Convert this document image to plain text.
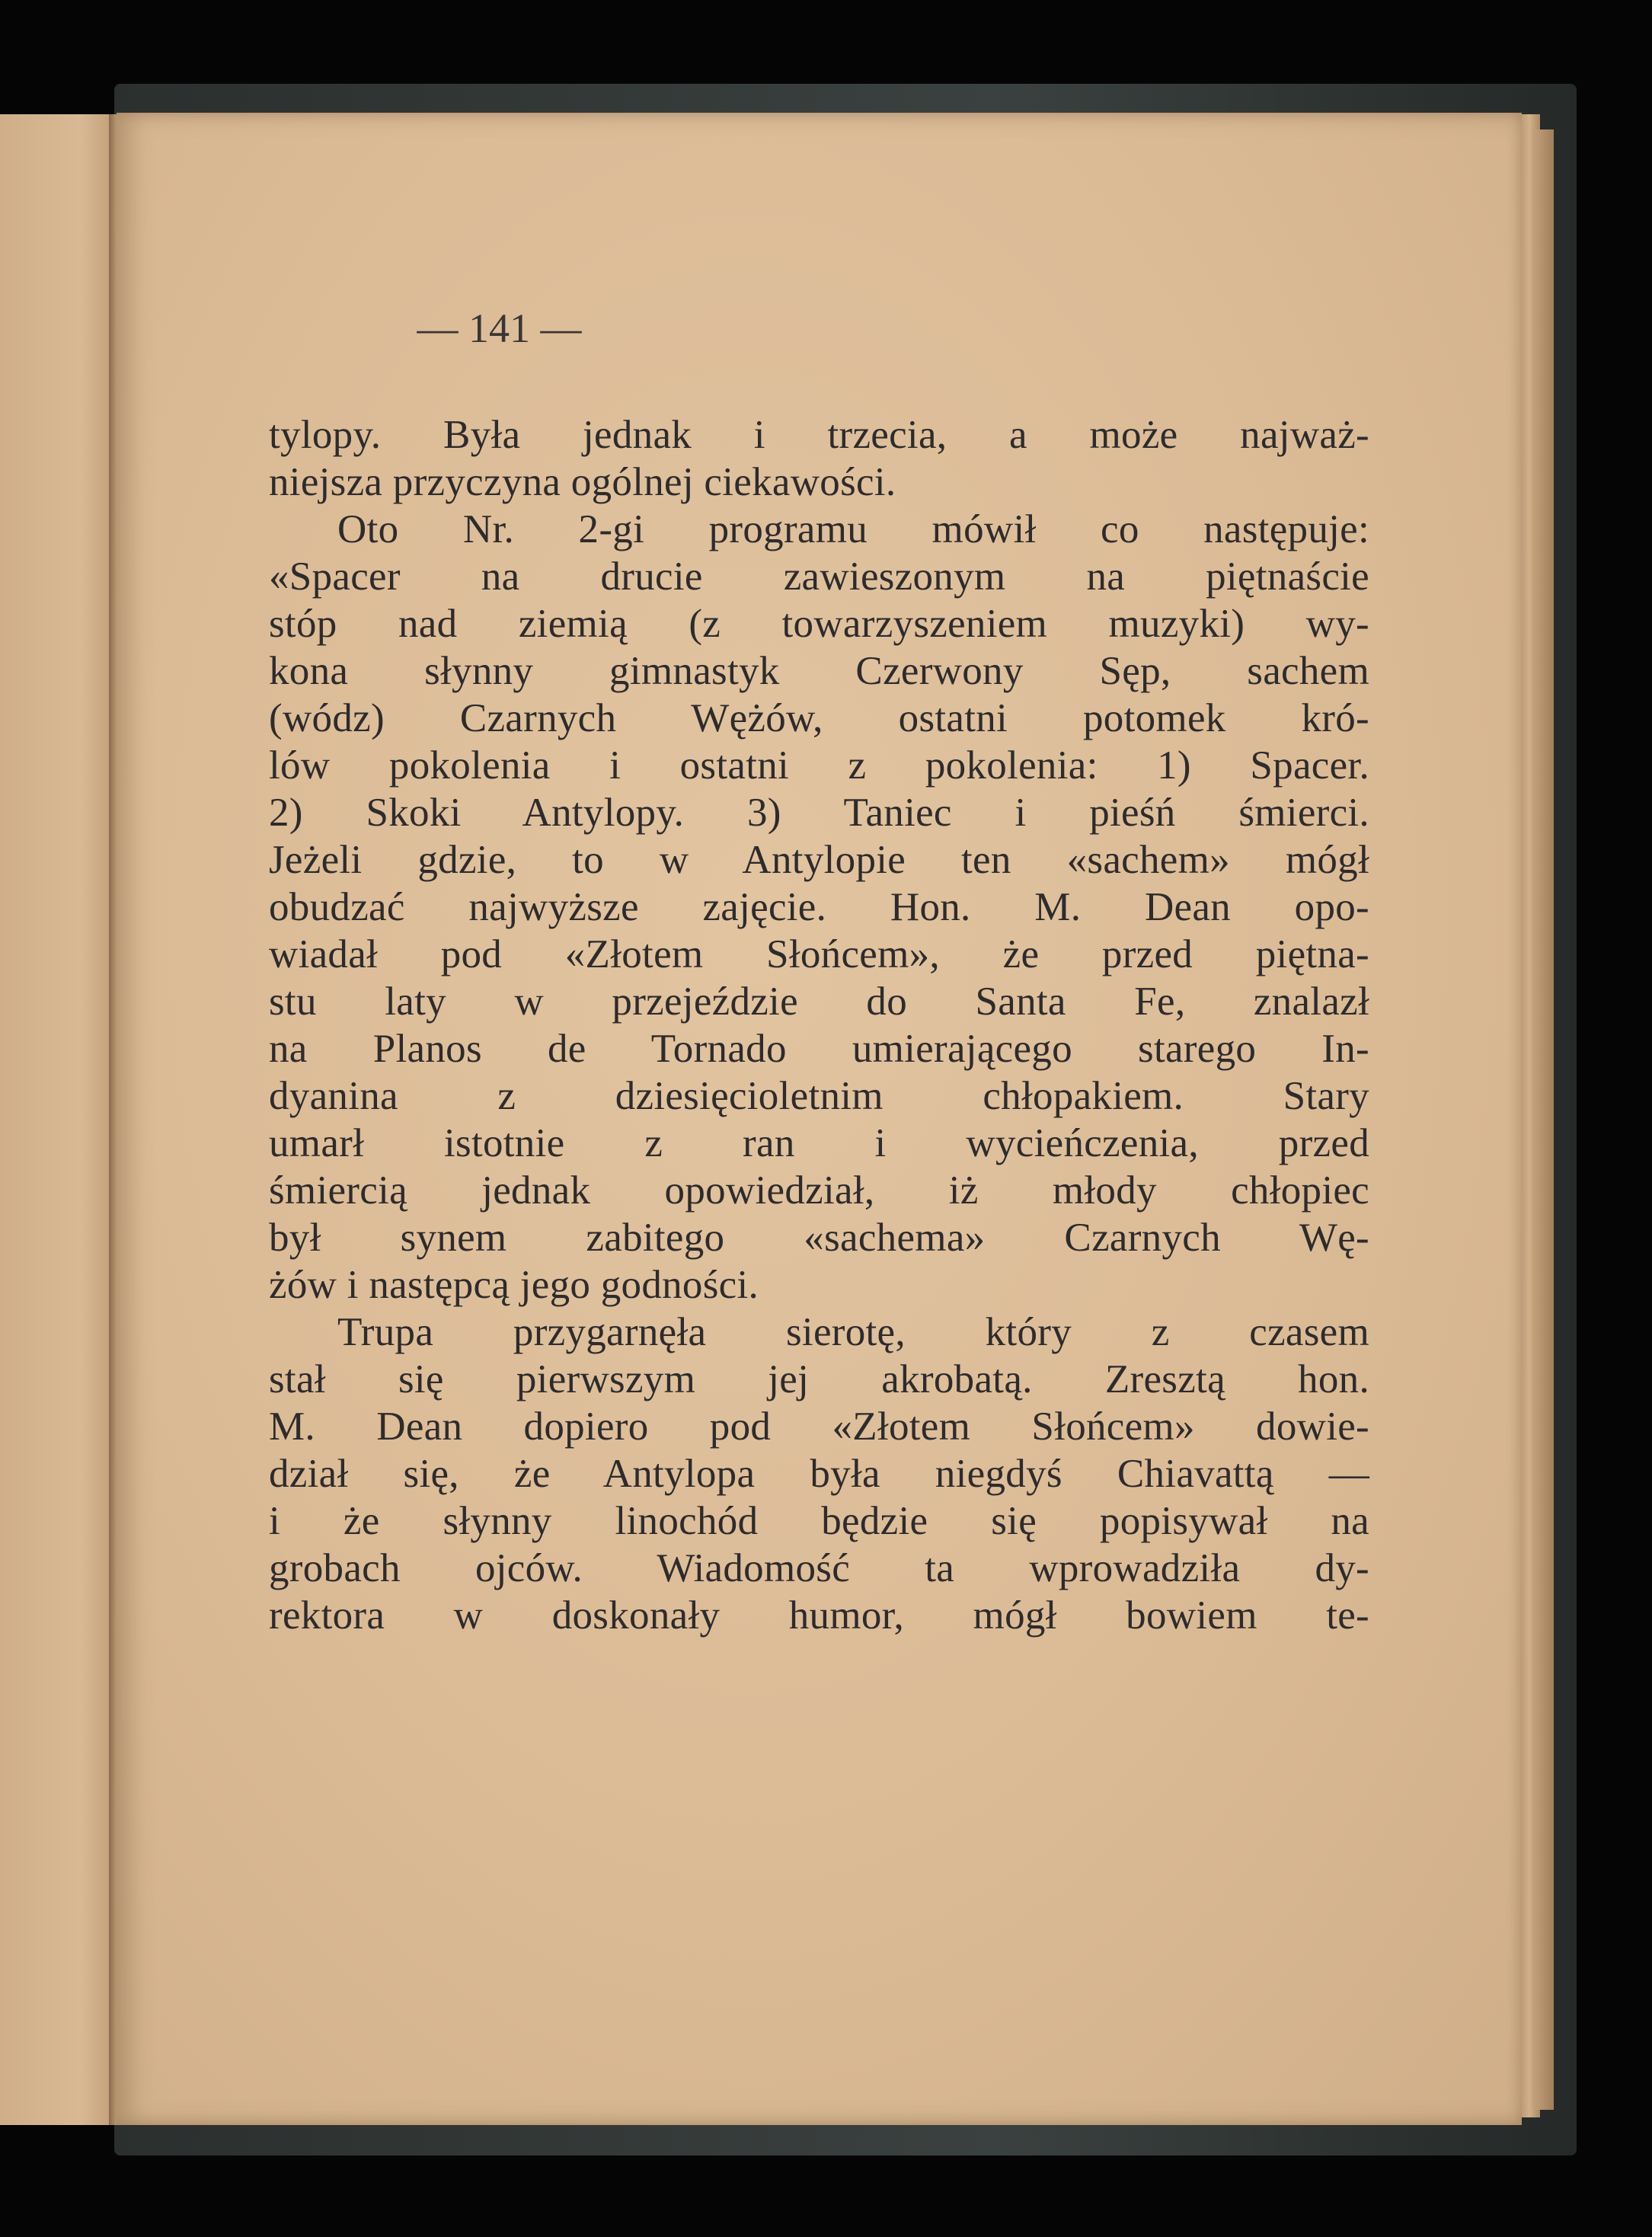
— 141 —
tylopy. Była jednak i trzecia, a może najważ-
niejsza przyczyna ogólnej ciekawości.
Oto Nr. 2-gi programu mówił co następuje:
«Spacer na drucie zawieszonym na piętnaście
stóp nad ziemią (z towarzyszeniem muzyki) wy-
kona słynny gimnastyk Czerwony Sęp, sachem
(wódz) Czarnych Wężów, ostatni potomek kró-
lów pokolenia i ostatni z pokolenia: 1) Spacer.
2) Skoki Antylopy. 3) Taniec i pieśń śmierci.
Jeżeli gdzie, to w Antylopie ten «sachem» mógł
obudzać najwyższe zajęcie. Hon. M. Dean opo-
wiadał pod «Złotem Słońcem», że przed piętna-
stu laty w przejeździe do Santa Fe, znalazł
na Planos de Tornado umierającego starego In-
dyanina z dziesięcioletnim chłopakiem. Stary
umarł istotnie z ran i wycieńczenia, przed
śmiercią jednak opowiedział, iż młody chłopiec
był synem zabitego «sachema» Czarnych Wę-
żów i następcą jego godności.
Trupa przygarnęła sierotę, który z czasem
stał się pierwszym jej akrobatą. Zresztą hon.
M. Dean dopiero pod «Złotem Słońcem» dowie-
dział się, że Antylopa była niegdyś Chiavattą —
i że słynny linochód będzie się popisywał na
grobach ojców. Wiadomość ta wprowadziła dy-
rektora w doskonały humor, mógł bowiem te-
